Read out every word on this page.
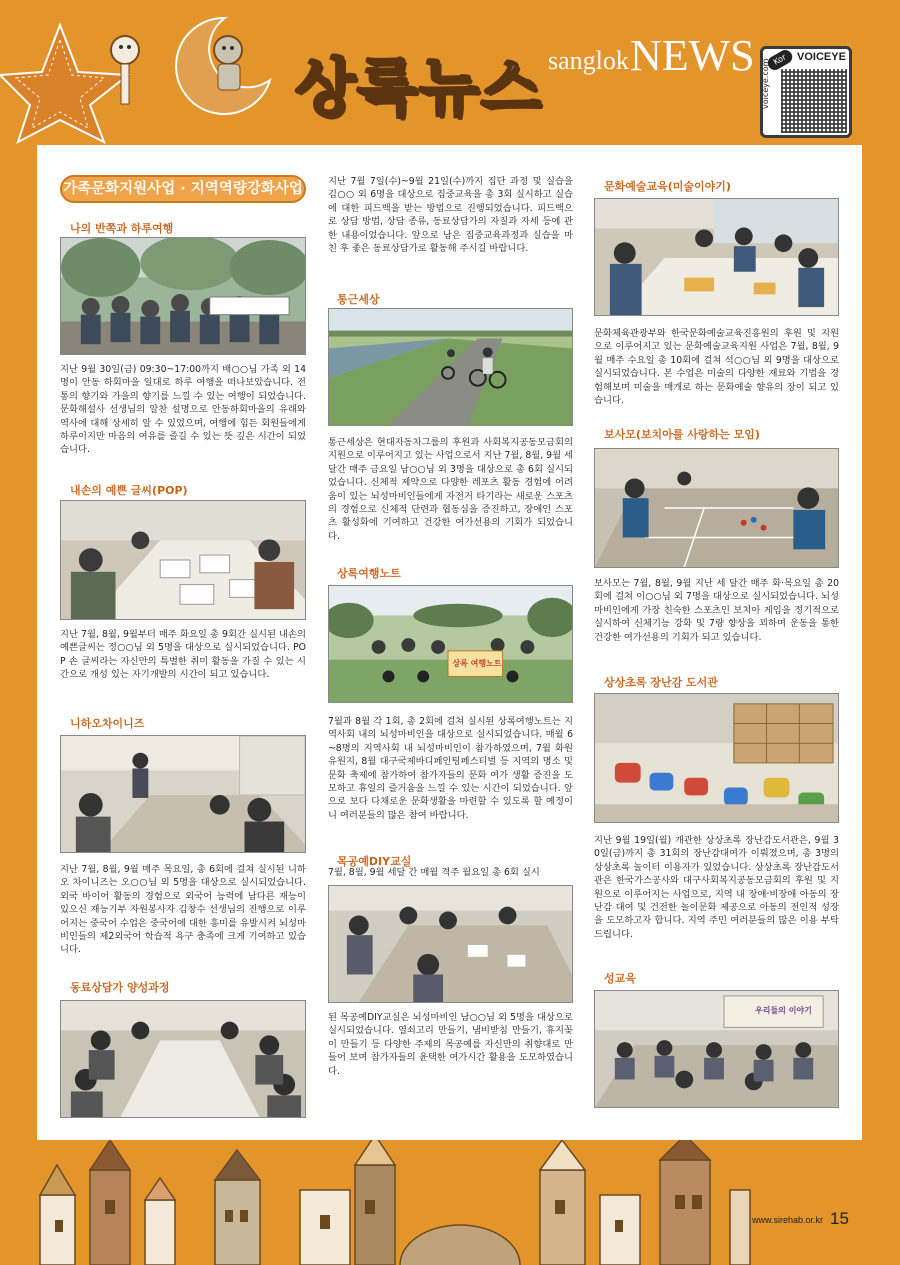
상록뉴스 sanglok NEWS	Kor VOICEYE
voiceye.com
가족문화지원사업 · 지역역량강화사업
나의 반쪽과 하루여행
지난 9월 30일(금) 09:30~17:00까지 배○○님 가족 외 14명이 안동 하회마을 일대로 하루 여행을 떠나보았습니다. 전통의 향기와 가을의 향기를 느낄 수 있는 여행이 되었습니다. 문화해설사 선생님의 알찬 설명으로 안동하회마을의 유래와 역사에 대해 상세히 알 수 있었으며, 여행에 힘든 회원들에게 하루이지만 마음의 여유를 즐길 수 있는 뜻 깊은 시간이 되었습니다.
내손의 예쁜 글씨(POP)
지난 7월, 8월, 9월부터 매주 화요일 총 9회간 실시된 내손의 예쁜글씨는 정○○님 외 5명을 대상으로 실시되었습니다. POP 손 글씨라는 자신만의 특별한 취미 활동을 가질 수 있는 시간으로 개성 있는 자기개발의 시간이 되고 있습니다.
니하오차이니즈
지난 7월, 8월, 9월 매주 목요일, 총 6회에 걸쳐 실시된 니하오 차이니즈는 오○○님 외 5명을 대상으로 실시되었습니다. 외국 바이어 활동의 경험으로 외국어 능력에 남다른 재능이 있으신 재능기부 자원봉사자 김창수 선생님의 진행으로 이루어지는 중국어 수업은 중국어에 대한 흥미를 유발시켜 뇌성마비인들의 제2외국어 학습적 욕구 충족에 크게 기여하고 있습니다.
동료상담가 양성과정
지난 7월 7일(수)~9월 21일(수)까지 집단 과정 및 실습을 김○○ 외 6명을 대상으로 집중교육을 총 3회 실시하고 실습에 대한 피드백을 받는 방법으로 진행되었습니다. 피드백으로 상담 방법, 상담 종류, 동료상담가의 자질과 자세 등에 관한 내용이었습니다. 앞으로 남은 집중교육과정과 실습을 마친 후 좋은 동료상담가로 활동해 주시길 바랍니다.
통근세상
통근세상은 현대자동차그룹의 후원과 사회복지공동모금회의 지원으로 이루어지고 있는 사업으로서 지난 7월, 8월, 9월 세 달간 매주 금요일 남○○님 외 3명을 대상으로 총 6회 실시되었습니다. 신체적 제약으로 다양한 레포츠 활동 경험에 어려움이 있는 뇌성마비인들에게 자전거 타기라는 새로운 스포츠의 경험으로 신체적 단련과 협동심을 증진하고, 장애인 스포츠 활성화에 기여하고 건강한 여가선용의 기회가 되었습니다.
상록여행노트
상록 여행노트
7월과 8월 각 1회, 총 2회에 걸쳐 실시된 상록여행노트는 지역사회 내의 뇌성마비인을 대상으로 실시되었습니다. 매월 6~8명의 지역사회 내 뇌성마비인이 참가하였으며, 7월 화원유원지, 8월 대구국제바디페인팅페스티벌 등 지역의 명소 및 문화 축제에 참가하여 참가자들의 문화 여가 생활 증진을 도모하고 휴일의 즐거움을 느낄 수 있는 시간이 되었습니다. 앞으로 보다 다채로운 문화생활을 마련할 수 있도록 할 예정이니 여러분들의 많은 참여 바랍니다.
목공예DIY교실
7월, 8월, 9월 세달 간 매월 격주 월요일 총 6회 실시
된 목공예DIY교실은 뇌성마비인 남○○님 외 5명을 대상으로 실시되었습니다. 열쇠고리 만들기, 냄비받침 만들기, 휴지꽂이 만들기 등 다양한 주제의 목공예를 자신만의 취향대로 만들어 보며 참가자들의 윤택한 여가시간 활용을 도모하였습니다.
문화예술교육(미술이야기)
문화체육관광부와 한국문화예술교육진흥원의 후원 및 지원으로 이루어지고 있는 문화예술교육지원 사업은 7월, 8월, 9월 매주 수요일 총 10회에 걸쳐 석○○님 외 9명을 대상으로 실시되었습니다. 본 수업은 미술의 다양한 재료와 기법을 경험해보며 미술을 매개로 하는 문화예술 향유의 장이 되고 있습니다.
보사모(보치아를 사랑하는 모임)
보사모는 7월, 8월, 9월 지난 세 달간 매주 화·목요일 총 20회에 걸쳐 이○○님 외 7명을 대상으로 실시되었습니다. 뇌성마비인에게 가장 친숙한 스포츠인 보치아 게임을 정기적으로 실시하여 신체기능 강화 및 7량 향상을 꾀하며 운동을 통한 건강한 여가선용의 기회가 되고 있습니다.
상상초록 장난감 도서관
지난 9월 19일(월) 개관한 상상초록 장난감도서관은, 9월 30일(금)까지 총 31회의 장난감대여가 이뤄졌으며, 총 3명의 상상초록 놀이터 이용자가 있었습니다. 상상초록 장난감도서관은 한국가스공사와 대구사회복지공동모금회의 후원 및 지원으로 이루어지는 사업으로, 지역 내 장애·비장애 아동의 장난감 대여 및 건전한 놀이문화 제공으로 아동의 전인적 성장을 도모하고자 합니다. 지역 주민 여러분들의 많은 이용 부탁드립니다.
성교육
우리들의 이야기
www.sirehab.or.kr 15
